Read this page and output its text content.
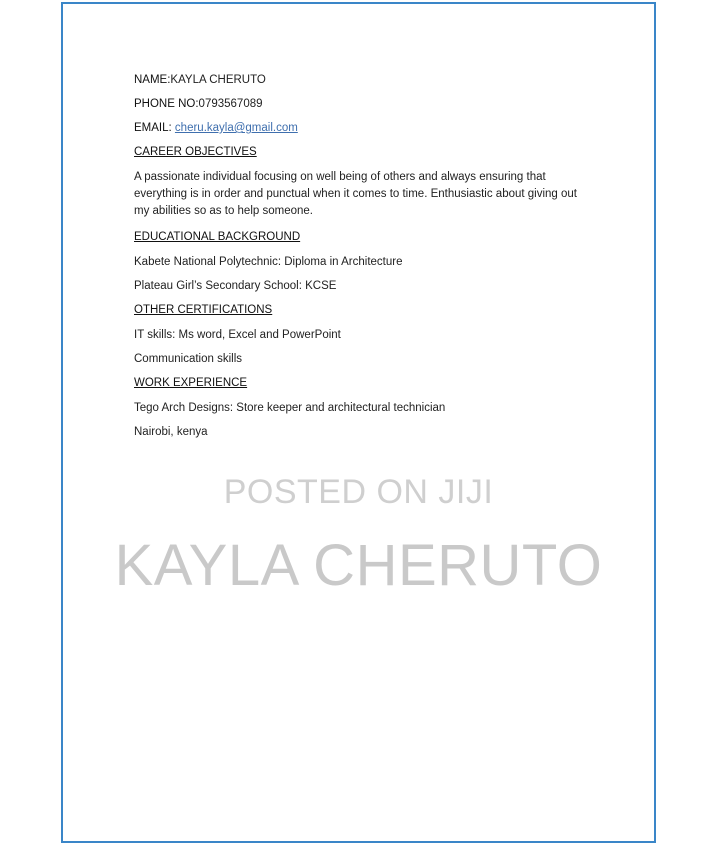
NAME:KAYLA CHERUTO
PHONE NO:0793567089
EMAIL: cheru.kayla@gmail.com
CAREER OBJECTIVES
A passionate individual focusing on well being of others and always ensuring that everything is in order and punctual when it comes to time. Enthusiastic about giving out my abilities so as to help someone.
EDUCATIONAL BACKGROUND
Kabete National Polytechnic: Diploma in Architecture
Plateau Girl’s Secondary School: KCSE
OTHER CERTIFICATIONS
IT skills: Ms word, Excel and PowerPoint
Communication skills
WORK EXPERIENCE
Tego Arch Designs: Store keeper and architectural technician
Nairobi, kenya
POSTED ON JIJI
KAYLA CHERUTO
